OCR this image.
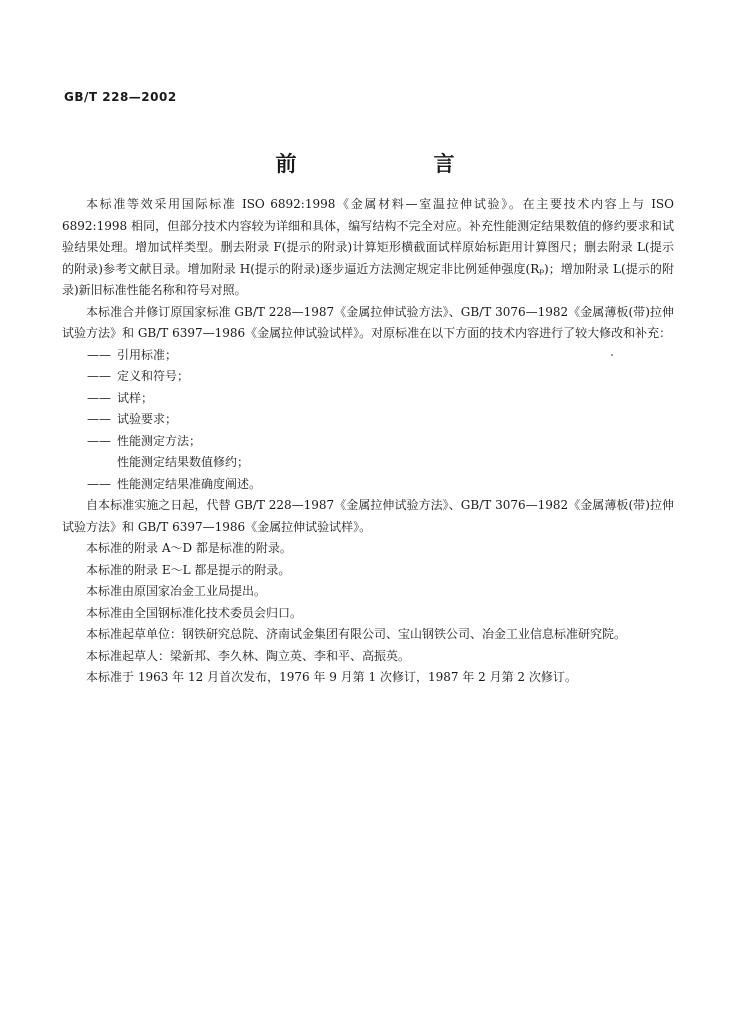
GB/T 228—2002
前　言

本标准等效采用国际标准 ISO 6892:1998《金属材料—室温拉伸试验》。在主要技术内容上与 ISO 6892:1998 相同，但部分技术内容较为详细和具体，编写结构不完全对应。补充性能测定结果数值的修约要求和试验结果处理。增加试样类型。删去附录 F(提示的附录)计算矩形横截面试样原始标距用计算图尺；删去附录 L(提示的附录)参考文献目录。增加附录 H(提示的附录)逐步逼近方法测定规定非比例延伸强度(Rₚ)；增加附录 L(提示的附录)新旧标准性能名称和符号对照。

本标准合并修订原国家标准 GB/T 228—1987《金属拉伸试验方法》、GB/T 3076—1982《金属薄板(带)拉伸试验方法》和 GB/T 6397—1986《金属拉伸试验试样》。对原标准在以下方面的技术内容进行了较大修改和补充：

—— 引用标准；

—— 定义和符号；

—— 试样；

—— 试验要求；

—— 性能测定方法；

性能测定结果数值修约；

—— 性能测定结果准确度阐述。

自本标准实施之日起，代替 GB/T 228—1987《金属拉伸试验方法》、GB/T 3076—1982《金属薄板(带)拉伸试验方法》和 GB/T 6397—1986《金属拉伸试验试样》。

本标准的附录 A～D 都是标准的附录。

本标准的附录 E～L 都是提示的附录。

本标准由原国家冶金工业局提出。

本标准由全国钢标准化技术委员会归口。

本标准起草单位：钢铁研究总院、济南试金集团有限公司、宝山钢铁公司、冶金工业信息标准研究院。

本标准起草人：梁新邦、李久林、陶立英、李和平、高振英。

本标准于 1963 年 12 月首次发布，1976 年 9 月第 1 次修订，1987 年 2 月第 2 次修订。
